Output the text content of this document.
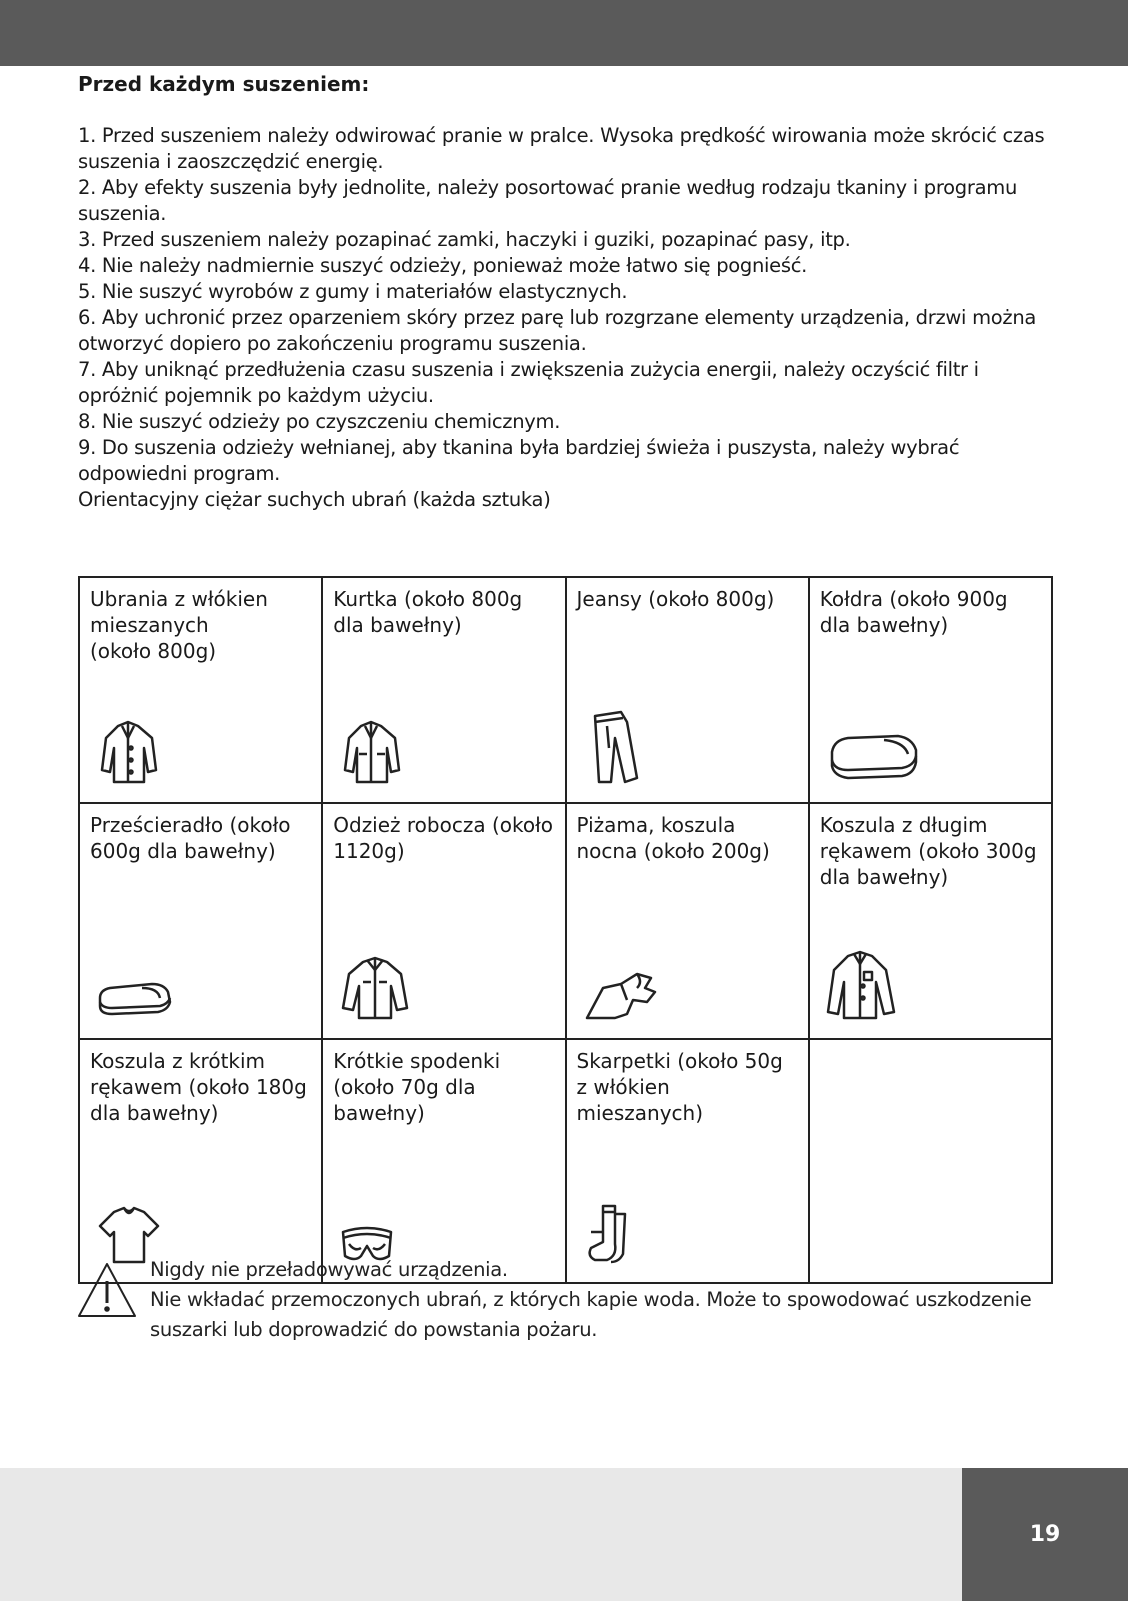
Przed każdym suszeniem:

1. Przed suszeniem należy odwirować pranie w pralce. Wysoka prędkość wirowania może skrócić czas suszenia i zaoszczędzić energię.

2. Aby efekty suszenia były jednolite, należy posortować pranie według rodzaju tkaniny i programu suszenia.

3. Przed suszeniem należy pozapinać zamki, haczyki i guziki, pozapinać pasy, itp.

4. Nie należy nadmiernie suszyć odzieży, ponieważ może łatwo się pognieść.

5. Nie suszyć wyrobów z gumy i materiałów elastycznych.

6. Aby uchronić przez oparzeniem skóry przez parę lub rozgrzane elementy urządzenia, drzwi można otworzyć dopiero po zakończeniu programu suszenia.

7. Aby uniknąć przedłużenia czasu suszenia i zwiększenia zużycia energii, należy oczyścić filtr i opróżnić pojemnik po każdym użyciu.

8. Nie suszyć odzieży po czyszczeniu chemicznym.

9. Do suszenia odzieży wełnianej, aby tkanina była bardziej świeża i puszysta, należy wybrać odpowiedni program.

Orientacyjny ciężar suchych ubrań (każda sztuka)

Ubrania z włókien mieszanych
(około 800g)	Kurtka (około 800g dla bawełny)	Jeansy (około 800g)	Kołdra (około 900g dla bawełny)

Prześcieradło (około 600g dla bawełny)	Odzież robocza (około 1120g)	Piżama, koszula nocna (około 200g)	Koszula z długim rękawem (około 300g dla bawełny)

Koszula z krótkim rękawem (około 180g dla bawełny)	Krótkie spodenki (około 70g dla bawełny)	Skarpetki (około 50g z włókien mieszanych)	

Nigdy nie przeładowywać urządzenia.

Nie wkładać przemoczonych ubrań, z których kapie woda. Może to spowodować uszkodzenie suszarki lub doprowadzić do powstania pożaru.

19
